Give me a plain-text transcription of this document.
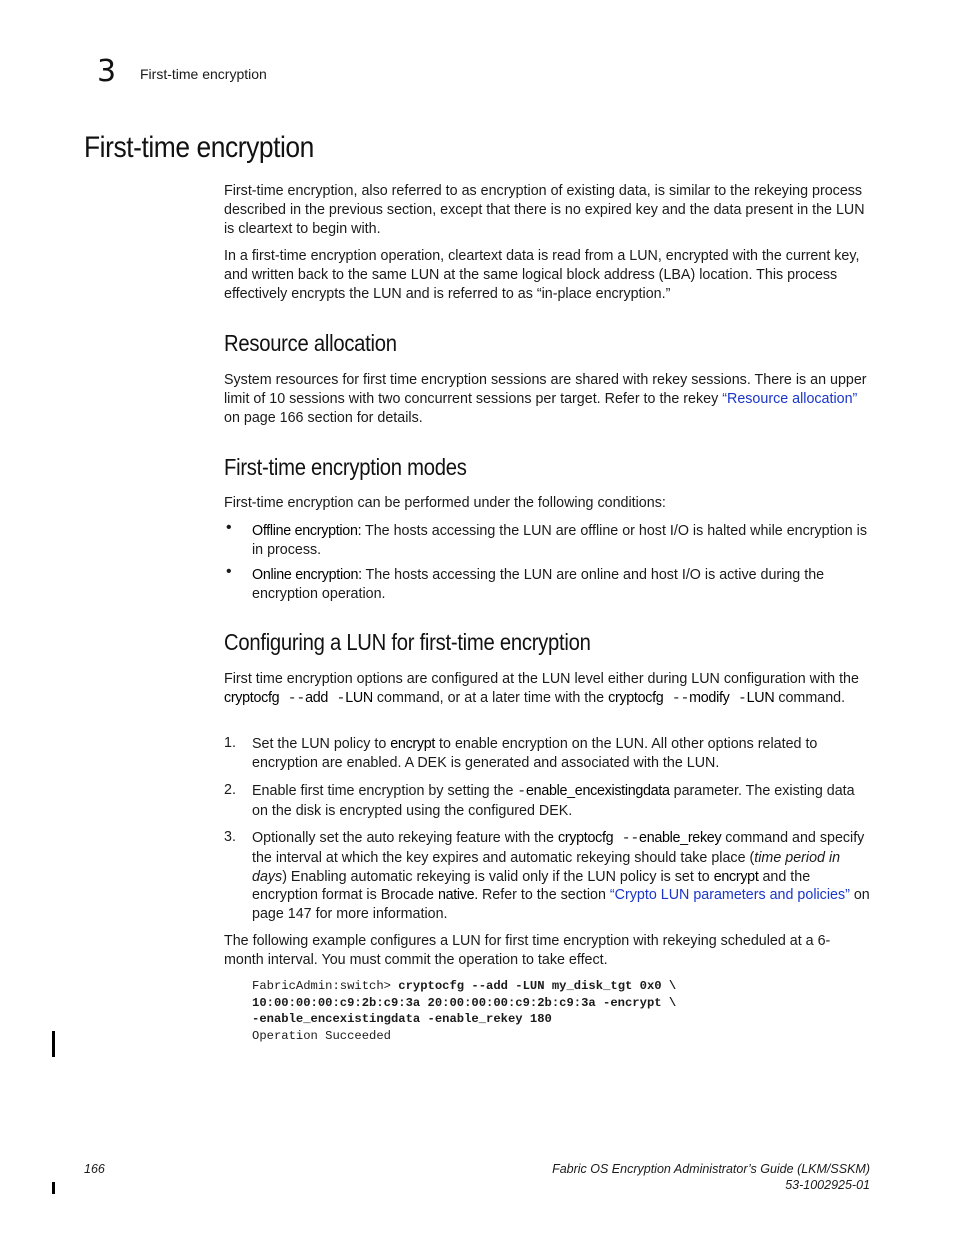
3 First-time encryption
First-time encryption
First-time encryption, also referred to as encryption of existing data, is similar to the rekeying process described in the previous section, except that there is no expired key and the data present in the LUN is cleartext to begin with.
In a first-time encryption operation, cleartext data is read from a LUN, encrypted with the current key, and written back to the same LUN at the same logical block address (LBA) location. This process effectively encrypts the LUN and is referred to as “in-place encryption.”
Resource allocation
System resources for first time encryption sessions are shared with rekey sessions. There is an upper limit of 10 sessions with two concurrent sessions per target. Refer to the rekey “Resource allocation” on page 166 section for details.
First-time encryption modes
First-time encryption can be performed under the following conditions:
• Offline encryption: The hosts accessing the LUN are offline or host I/O is halted while encryption is in process.
• Online encryption: The hosts accessing the LUN are online and host I/O is active during the encryption operation.
Configuring a LUN for first-time encryption
First time encryption options are configured at the LUN level either during LUN configuration with the cryptocfg --add -LUN command, or at a later time with the cryptocfg --modify -LUN command.
1. Set the LUN policy to encrypt to enable encryption on the LUN. All other options related to encryption are enabled. A DEK is generated and associated with the LUN.
2. Enable first time encryption by setting the -enable_encexistingdata parameter. The existing data on the disk is encrypted using the configured DEK.
3. Optionally set the auto rekeying feature with the cryptocfg --enable_rekey command and specify the interval at which the key expires and automatic rekeying should take place (time period in days) Enabling automatic rekeying is valid only if the LUN policy is set to encrypt and the encryption format is Brocade native. Refer to the section “Crypto LUN parameters and policies” on page 147 for more information.
The following example configures a LUN for first time encryption with rekeying scheduled at a 6-month interval. You must commit the operation to take effect.
FabricAdmin:switch> cryptocfg --add -LUN my_disk_tgt 0x0 \
10:00:00:00:c9:2b:c9:3a 20:00:00:00:c9:2b:c9:3a -encrypt \
-enable_encexistingdata -enable_rekey 180
Operation Succeeded
166	Fabric OS Encryption Administrator’s Guide (LKM/SSKM)
53-1002925-01
